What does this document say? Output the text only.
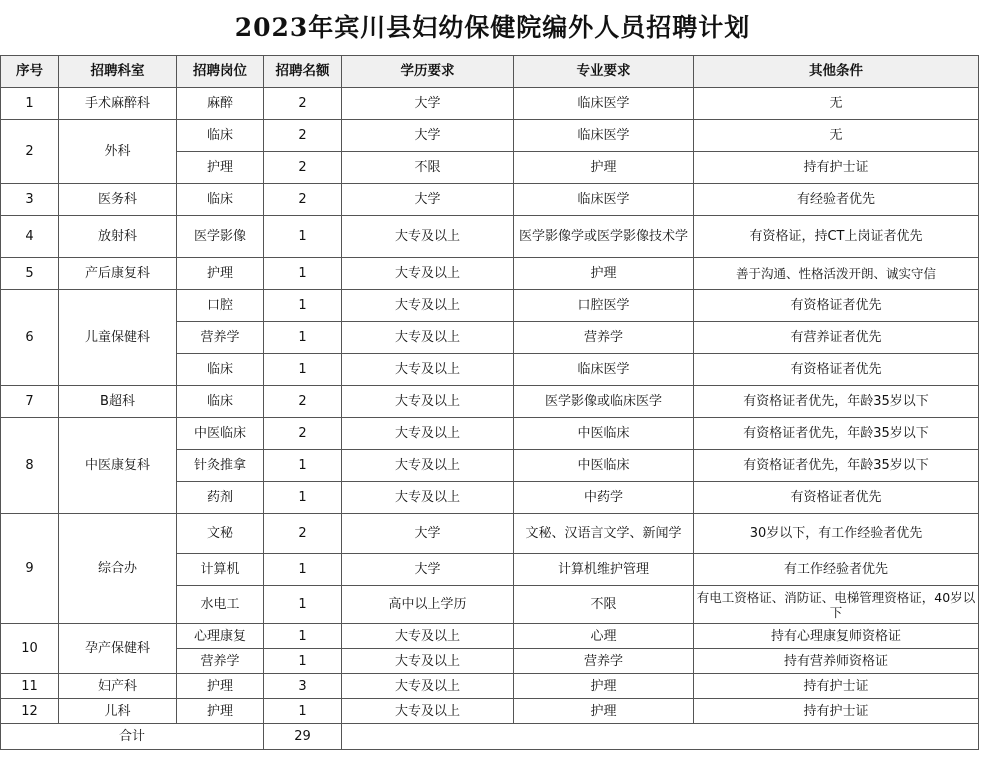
2023年宾川县妇幼保健院编外人员招聘计划
序号	招聘科室	招聘岗位	招聘名额	学历要求	专业要求	其他条件
1	手术麻醉科	麻醉	2	大学	临床医学	无
2	外科	临床	2	大学	临床医学	无
		护理	2	不限	护理	持有护士证
3	医务科	临床	2	大学	临床医学	有经验者优先
4	放射科	医学影像	1	大专及以上	医学影像学或医学影像技术学	有资格证，持CT上岗证者优先
5	产后康复科	护理	1	大专及以上	护理	善于沟通、性格活泼开朗、诚实守信
6	儿童保健科	口腔	1	大专及以上	口腔医学	有资格证者优先
		营养学	1	大专及以上	营养学	有营养证者优先
		临床	1	大专及以上	临床医学	有资格证者优先
7	B超科	临床	2	大专及以上	医学影像或临床医学	有资格证者优先，年龄35岁以下
8	中医康复科	中医临床	2	大专及以上	中医临床	有资格证者优先，年龄35岁以下
		针灸推拿	1	大专及以上	中医临床	有资格证者优先，年龄35岁以下
		药剂	1	大专及以上	中药学	有资格证者优先
9	综合办	文秘	2	大学	文秘、汉语言文学、新闻学	30岁以下，有工作经验者优先
		计算机	1	大学	计算机维护管理	有工作经验者优先
		水电工	1	高中以上学历	不限	有电工资格证、消防证、电梯管理资格证，40岁以下
10	孕产保健科	心理康复	1	大专及以上	心理	持有心理康复师资格证
		营养学	1	大专及以上	营养学	持有营养师资格证
11	妇产科	护理	3	大专及以上	护理	持有护士证
12	儿科	护理	1	大专及以上	护理	持有护士证
合计			29			
